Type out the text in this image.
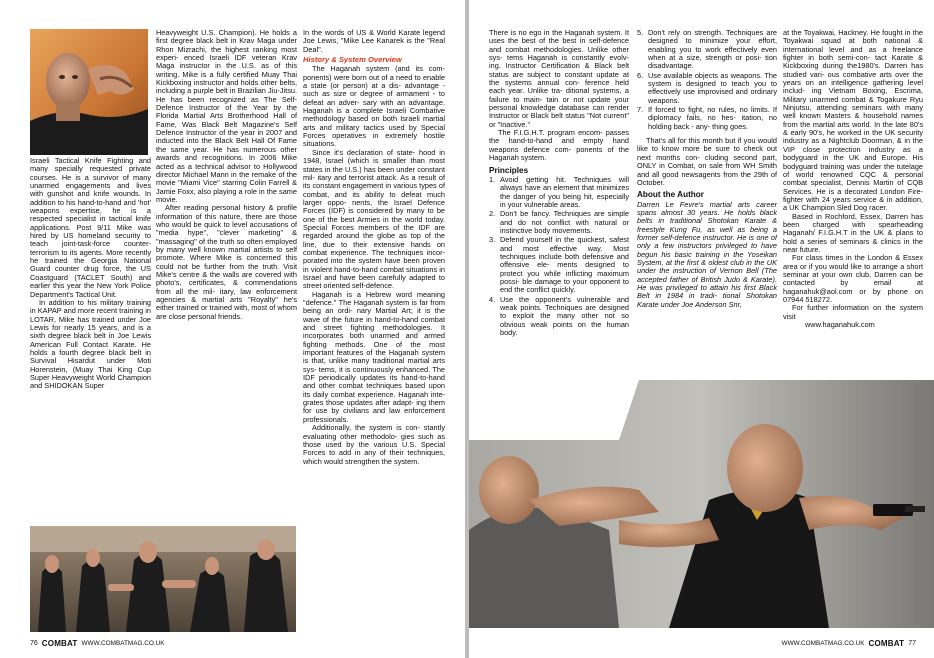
Israeli Tactical Knife Fighting and many specially requested private courses. He is a survivor of many unarmed engagements and lives with gunshot and knife wounds. In addition to his hand-to-hand and 'hot' weapons expertise, he is a respected specialist in tactical knife applications. Post 9/11 Mike was hired by US homeland security to teach joint-task-force counter- terrorism to its agents. More recently he trained the Georgia National Guard counter drug force, the US Coastguard (TACLET South) and earlier this year the New York Police Department's Tactical Unit.

In addition to his military training in KAPAP and more recent training in LOTAR, Mike has trained under Joe Lewis for nearly 15 years, and is a sixth degree black belt in Joe Lewis American Full Contact Karate. He holds a fourth degree black belt in Survival Hisardut under Moti Horenstein, (Muay Thai King Cup Super Heavyweight World Champion and SHIDOKAN Super

Heavyweight U.S. Champion). He holds a first degree black belt in Krav Maga under Rhon Mizrachi, the highest ranking most experi- enced Israeli IDF veteran Krav Maga instructor in the U.S. as of this writing. Mike is a fully certified Muay Thai Kickboxing instructor and holds other belts, including a purple belt in Brazilian Jiu-Jitsu. He has been recognized as The Self-Defence Instructor of the Year by the Florida Martial Arts Brotherhood Hall of Fame, Was Black Belt Magazine's Self Defence Instructor of the year in 2007 and inducted into the Black Belt Hall Of Fame the same year. He has numerous other awards and recognitions. In 2006 Mike acted as a technical advisor to Hollywood director Michael Mann in the remake of the movie "Miami Vice" starring Colin Farrell & Jamie Foxx, also playing a role in the same movie.

After reading personal history & profile information of this nature, there are those who would be quick to level accusations of "media hype", "clever marketing" & "massaging" of the truth so often employed by many well known martial artists to self promote. Where Mike is concerned this could not be further from the truth. Visit Mike's centre & the walls are covered with photo's, certificates, & commendations from all the mil- itary, law enforcement agencies & martial arts "Royalty" he's either trained or trained with, most of whom are close personal friends.

In the words of US & World Karate legend Joe Lewis, "Mike Lee Kanarek is the "Real Deal".

History & System Overview

The Haganah system (and its com- ponents) were born out of a need to enable a state (or person) at a dis- advantage - such as size or degree of armament - to defeat an adver- sary with an advantage. Haganah is a complete Israeli Combative methodology based on both Israeli martial arts and military tactics used by Special Forces operatives in extremely hostile situations.

Since it's declaration of state- hood in 1948, Israel (which is smaller than most states in the U.S.) has been under constant mil- itary and terrorist attack. As a result of its constant engagement in various types of combat, and its ability to defeat much larger oppo- nents, the Israel Defence Forces (IDF) is considered by many to be one of the best Armies in the world today. Special Forces members of the IDF are regarded around the globe as top of the line, due to their extensive hands on combat experience. The techniques incor- porated into the system have been proven in violent hand-to-hand combat situations in Israel and have been carefully adapted to street oriented self-defence.

Haganah is a Hebrew word meaning "defence." The Haganah system is far from being an ordi- nary Martial Art; it is the wave of the future in hand-to-hand combat and street fighting methodologies. It incorporates both unarmed and armed fighting methods. One of the most important features of the Haganah system is that, unlike many traditional martial arts sys- tems, it is continuously enhanced. The IDF periodically updates its hand-to-hand and other combat techniques based upon its daily combat experience. Haganah inte- grates those updates after adapt- ing them for use by civilians and law enforcement professionals.

Additionally, the system is con- stantly evaluating other methodolo- gies such as those used by the various U.S. Special Forces to add in any of their techniques, which would strengthen the system.

76 COMBAT WWW.COMBATMAG.CO.UK

There is no ego in the Haganah system. It uses the best of the best in self-defence and combat methodologies. Unlike other sys- tems Haganah is constantly evolv- ing. Instructor Certification & Black belt status are subject to constant update at the systems annual con- ference held each year. Unlike tra- ditional systems, a failure to main- tain or not update your personal knowledge database can render Instructor or Black belt status "Not current" or "Inactive."

The F.I.G.H.T. program encom- passes the hand-to-hand and empty hand weapons defence com- ponents of the Haganah system.

Principles
1. Avoid getting hit. Techniques will always have an element that minimizes the danger of you being hit, especially in your vulnerable areas.
2. Don't be fancy. Techniques are simple and do not conflict with natural or instinctive body movements.
3. Defend yourself in the quickest, safest and most effective way. Most techniques include both defensive and offensive ele- ments designed to protect you while inflicting maximum possi- ble damage to your opponent to end the conflict quickly.
4. Use the opponent's vulnerable and weak points. Techniques are designed to exploit the many other not so obvious weak points on the human body.
5. Don't rely on strength. Techniques are designed to minimize your effort, enabling you to work effectively even when at a size, strength or posi- tion disadvantage.
6. Use available objects as weapons. The system is designed to teach you to effectively use improvised and ordinary weapons.
7. If forced to fight, no rules, no limits. If diplomacy fails, no hes- itation, no holding back - any- thing goes.

That's all for this month but if you would like to know more be sure to check out next months con- cluding second part, ONLY in Combat, on sale from WH Smith and all good newsagents from the 29th of October.

About the Author

Darren Le Fevre's martial arts career spans almost 30 years. He holds black belts in traditional Shotokan Karate & freestyle Kung Fu, as well as being a former self-defence instructor. He is one of only a few instructors privileged to have begun his basic training in the Yoseikan System, at the first & oldest club in the UK under the instruction of Vernon Bell (The accepted father of British Judo & Karate). He was privileged to attain his first Black Belt in 1984 in tradi- tional Shotokan Karate under Joe Anderson Snr,

at the Toyakwai, Hackney. He fought in the Toyakwai squad at both national & international level and as a freelance fighter in both semi-con- tact Karate & Kickboxing during the1980's. Darren has studied vari- ous combative arts over the years on an intelligence gathering level includ- ing Vietnam Boxing, Escrima, Military unarmed combat & Togakure Ryu Ninjutsu, attending seminars with many well known Masters & household names from the martial arts world. In the late 80's & early 90's, he worked in the UK security industry as a Nightclub Doorman, & in the VIP close protection industry as a bodyguard in the UK and Europe. His bodyguard training was under the tutelage of world renowned CQC & personal combat specialist, Dennis Martin of CQB Services. He is a decorated London Fire-fighter with 24 years service & in addition, a UK Champion Sled Dog racer.

Based in Rochford, Essex, Darren has been charged with spearheading Haganah/ F.I.G.H.T in the UK & plans to hold a series of seminars & clinics in the near future.

For class times in the London & Essex area or if you would like to arrange a short seminar at your own club, Darren can be contacted by email at haganahuk@aol.com or by phone on 07944 518272.

For further information on the system visit

www.haganahuk.com

WWW.COMBATMAG.CO.UK COMBAT 77
